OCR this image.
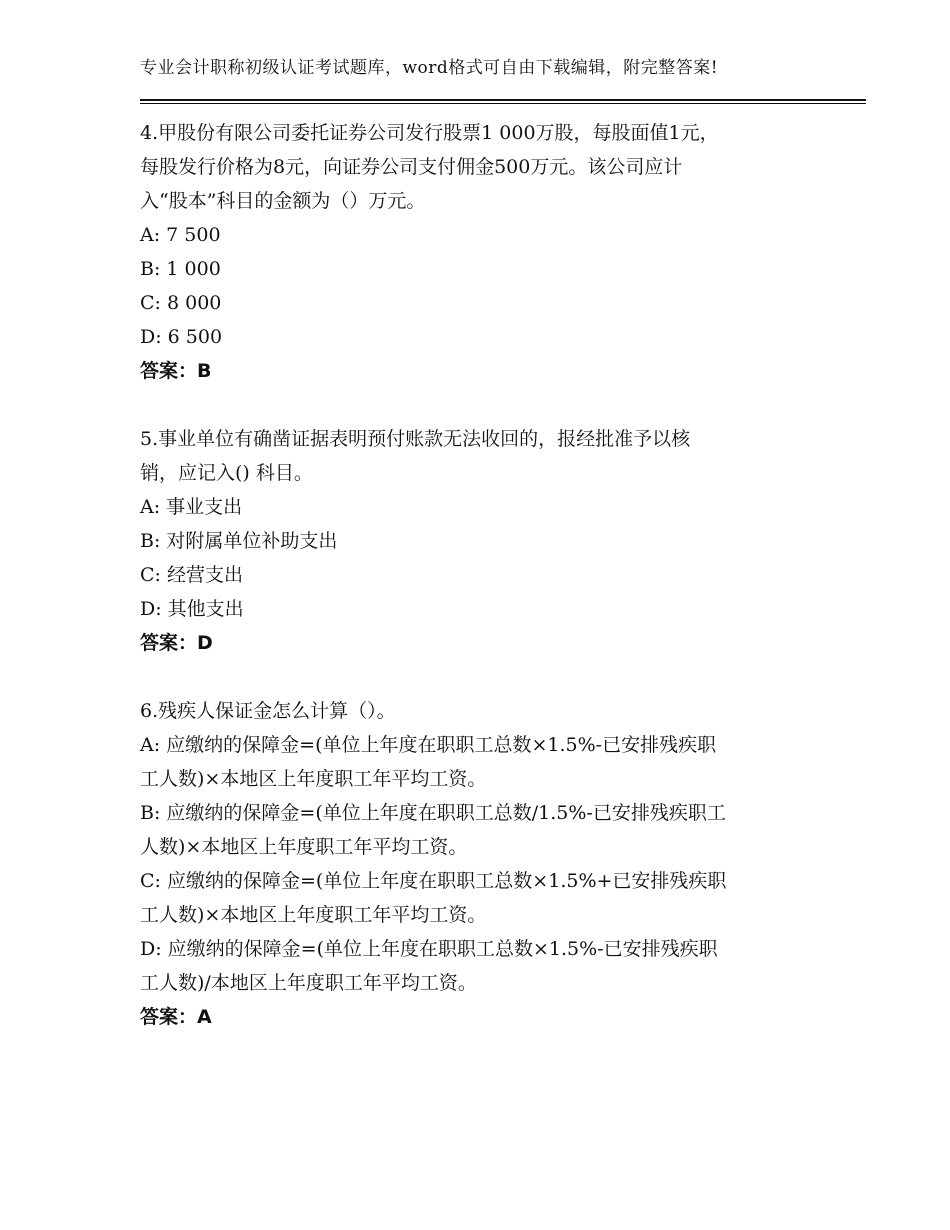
专业会计职称初级认证考试题库，word格式可自由下载编辑，附完整答案!

4.甲股份有限公司委托证券公司发行股票1 000万股，每股面值1元，

每股发行价格为8元，向证券公司支付佣金500万元。该公司应计

入“股本”科目的金额为（）万元。

A: 7 500

B: 1 000

C: 8 000

D: 6 500

答案：B

5.事业单位有确凿证据表明预付账款无法收回的，报经批准予以核

销，应记入() 科目。

A: 事业支出

B: 对附属单位补助支出

C: 经营支出

D: 其他支出

答案：D

6.残疾人保证金怎么计算（）。

A: 应缴纳的保障金=(单位上年度在职职工总数×1.5%-已安排残疾职

工人数)×本地区上年度职工年平均工资。

B: 应缴纳的保障金=(单位上年度在职职工总数/1.5%-已安排残疾职工

人数)×本地区上年度职工年平均工资。

C: 应缴纳的保障金=(单位上年度在职职工总数×1.5%+已安排残疾职

工人数)×本地区上年度职工年平均工资。

D: 应缴纳的保障金=(单位上年度在职职工总数×1.5%-已安排残疾职

工人数)/本地区上年度职工年平均工资。

答案：A
